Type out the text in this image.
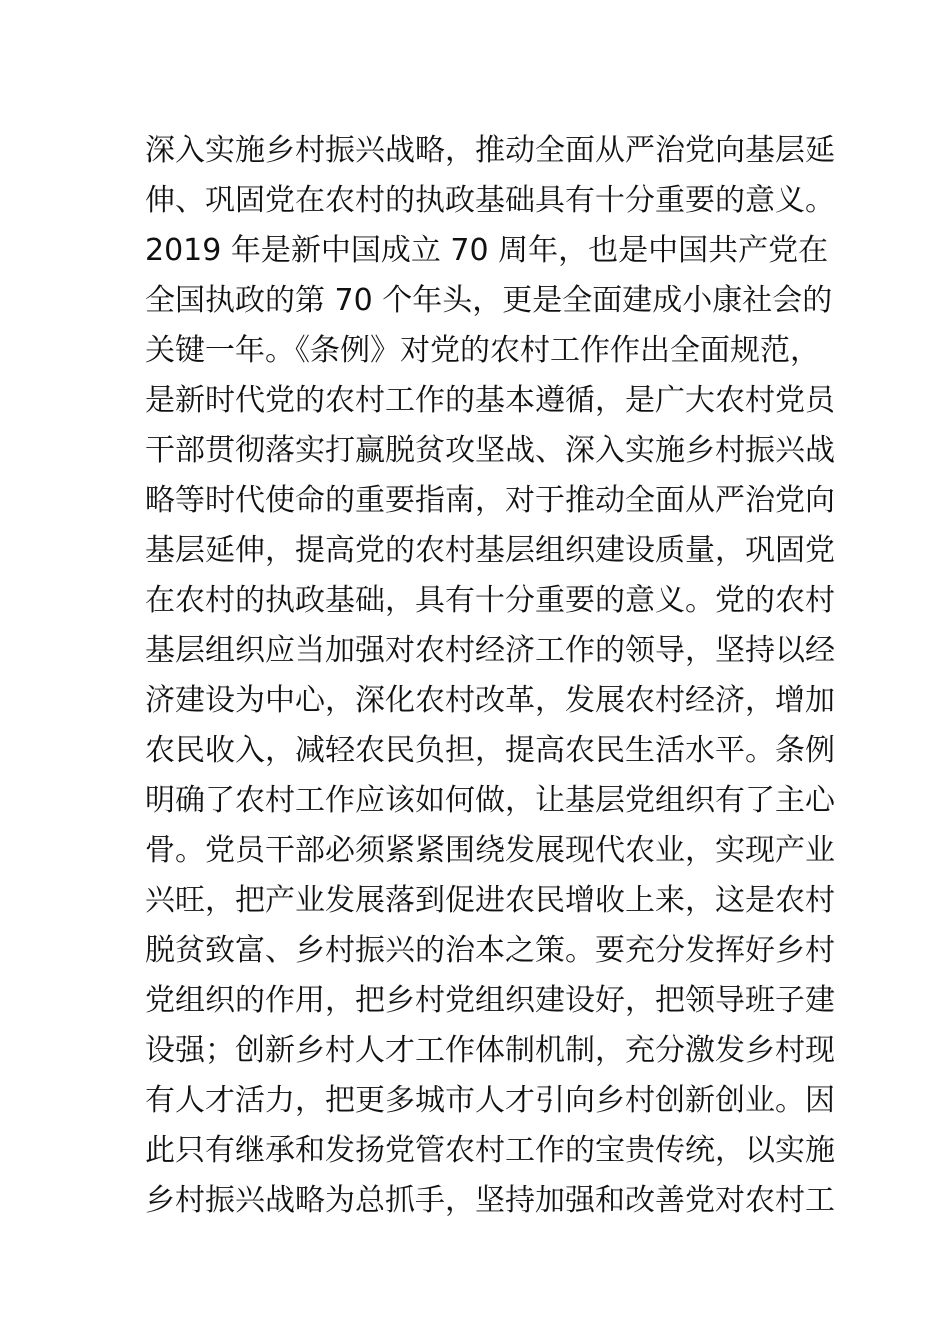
深入实施乡村振兴战略，推动全面从严治党向基层延
伸、巩固党在农村的执政基础具有十分重要的意义。
2019 年是新中国成立 70 周年，也是中国共产党在
全国执政的第 70 个年头，更是全面建成小康社会的
关键一年。《条例》对党的农村工作作出全面规范，
是新时代党的农村工作的基本遵循，是广大农村党员
干部贯彻落实打赢脱贫攻坚战、深入实施乡村振兴战
略等时代使命的重要指南，对于推动全面从严治党向
基层延伸，提高党的农村基层组织建设质量，巩固党
在农村的执政基础，具有十分重要的意义。党的农村
基层组织应当加强对农村经济工作的领导，坚持以经
济建设为中心，深化农村改革，发展农村经济，增加
农民收入，减轻农民负担，提高农民生活水平。条例
明确了农村工作应该如何做，让基层党组织有了主心
骨。党员干部必须紧紧围绕发展现代农业，实现产业
兴旺，把产业发展落到促进农民增收上来，这是农村
脱贫致富、乡村振兴的治本之策。要充分发挥好乡村
党组织的作用，把乡村党组织建设好，把领导班子建
设强；创新乡村人才工作体制机制，充分激发乡村现
有人才活力，把更多城市人才引向乡村创新创业。因
此只有继承和发扬党管农村工作的宝贵传统，以实施
乡村振兴战略为总抓手，坚持加强和改善党对农村工
